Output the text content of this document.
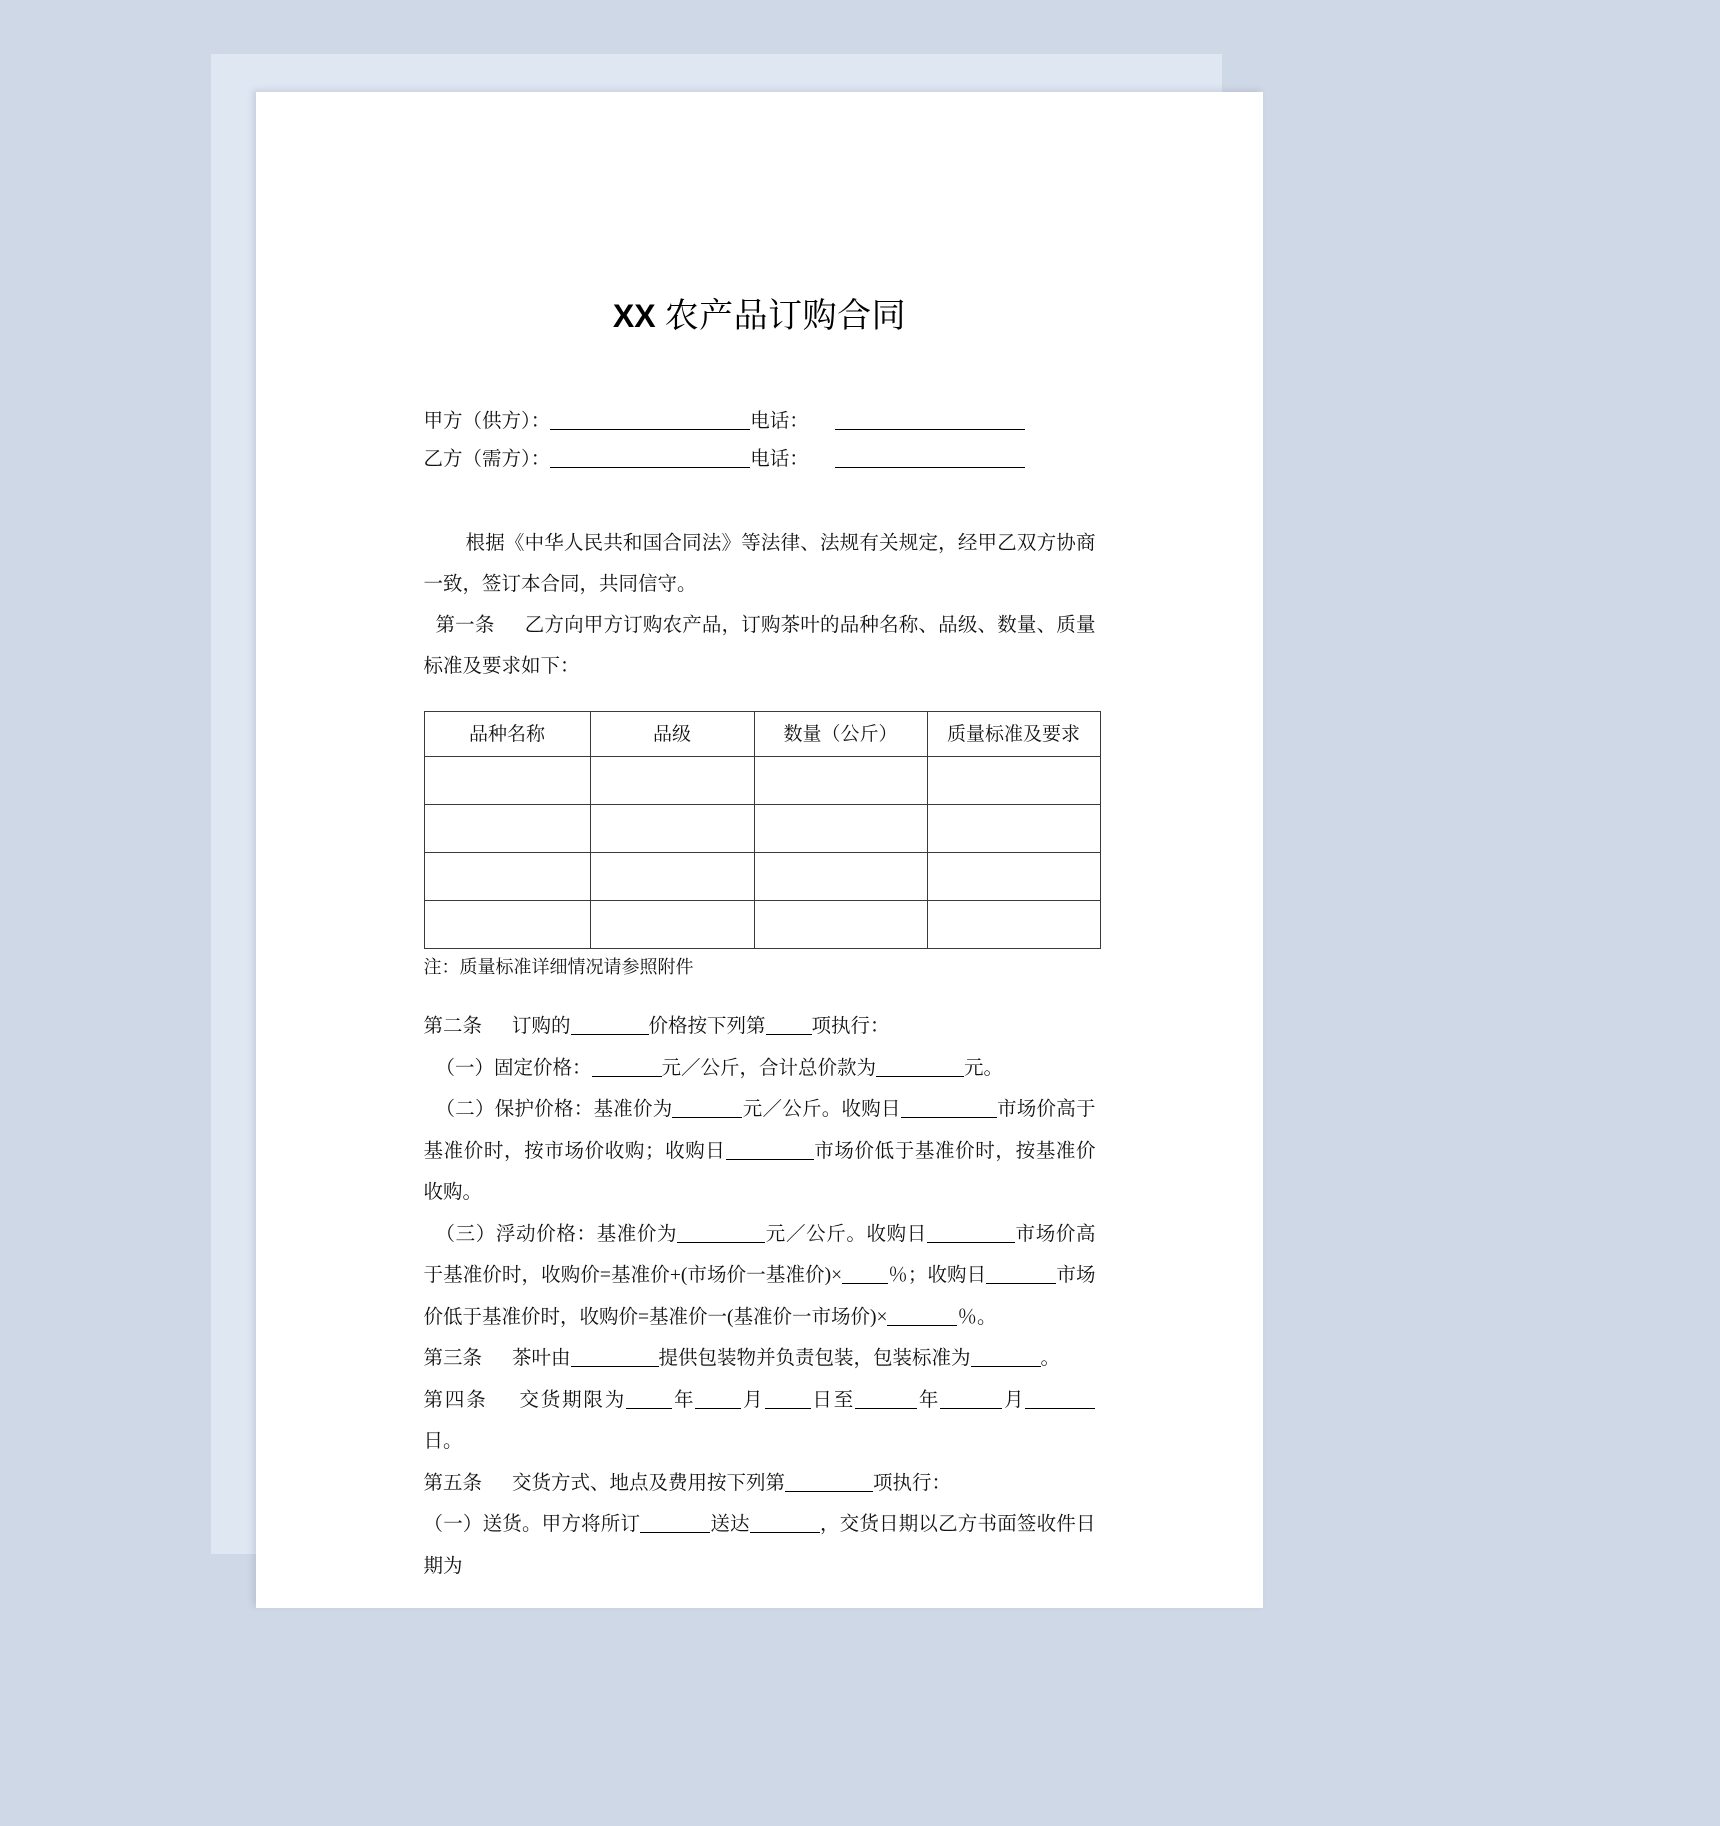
XX 农产品订购合同
甲方（供方）：	电话：
乙方（需方）：	电话：

根据《中华人民共和国合同法》等法律、法规有关规定，经甲乙双方协商一致，签订本合同，共同信守。

第一条 乙方向甲方订购农产品，订购茶叶的品种名称、品级、数量、质量标准及要求如下：

品种名称	品级	数量（公斤）	质量标准及要求

注：质量标准详细情况请参照附件

第二条 订购的	价格按下列第 项执行：

（一）固定价格：	元／公斤，合计总价款为	元。

（二）保护价格：基准价为	元／公斤。收购日	市场价高于基准价时，按市场价收购；收购日	市场价低于基准价时，按基准价收购。

（三）浮动价格：基准价为	元／公斤。收购日	市场价高于基准价时，收购价=基准价+(市场价一基准价)× ％；收购日	市场价低于基准价时，收购价=基准价一(基准价一市场价)×	％。

第三条 茶叶由	提供包装物并负责包装，包装标准为	。

第四条 交货期限为 年 月 日至	年	月日。

第五条 交货方式、地点及费用按下列第	项执行：

（一）送货。甲方将所订	送达	，交货日期以乙方书面签收件日期为
